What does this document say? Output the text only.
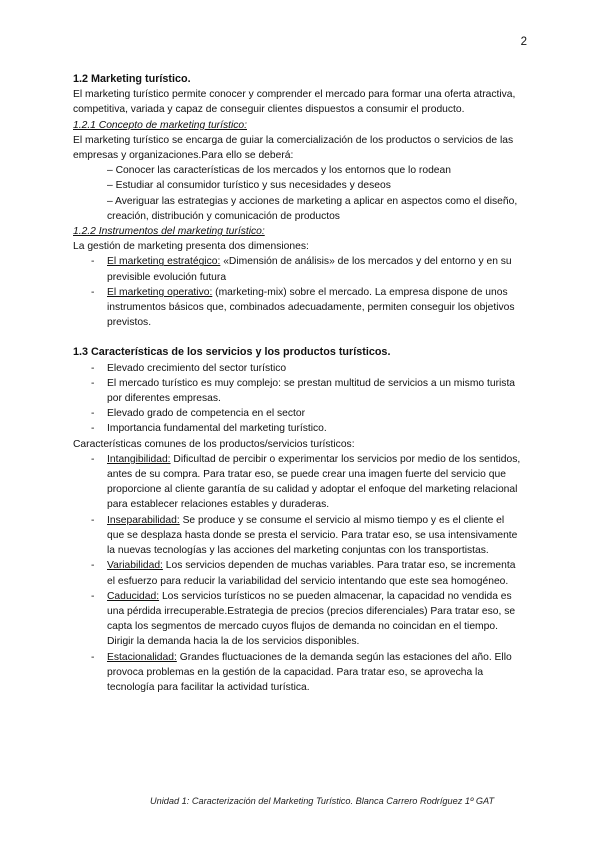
2
1.2 Marketing turístico.

El marketing turístico permite conocer y comprender el mercado para formar una oferta atractiva, competitiva, variada y capaz de conseguir clientes dispuestos a consumir el producto.

1.2.1 Concepto de marketing turístico:

El marketing turístico se encarga de guiar la comercialización de los productos o servicios de las empresas y organizaciones.Para ello se deberá:

– Conocer las características de los mercados y los entornos que lo rodean
– Estudiar al consumidor turístico y sus necesidades y deseos
– Averiguar las estrategias y acciones de marketing a aplicar en aspectos como el diseño, creación, distribución y comunicación de productos
1.2.2 Instrumentos del marketing turístico:

La gestión de marketing presenta dos dimensiones:

- El marketing estratégico: «Dimensión de análisis» de los mercados y del entorno y en su previsible evolución futura
- El marketing operativo: (marketing-mix) sobre el mercado. La empresa dispone de unos instrumentos básicos que, combinados adecuadamente, permiten conseguir los objetivos previstos.
1.3 Características de los servicios y los productos turísticos.
- Elevado crecimiento del sector turístico
- El mercado turístico es muy complejo: se prestan multitud de servicios a un mismo turista por diferentes empresas.
- Elevado grado de competencia en el sector
- Importancia fundamental del marketing turístico.

Características comunes de los productos/servicios turísticos:

- Intangibilidad: Dificultad de percibir o experimentar los servicios por medio de los sentidos, antes de su compra. Para tratar eso, se puede crear una imagen fuerte del servicio que proporcione al cliente garantía de su calidad y adoptar el enfoque del marketing relacional para establecer relaciones estables y duraderas.
- Inseparabilidad: Se produce y se consume el servicio al mismo tiempo y es el cliente el que se desplaza hasta donde se presta el servicio. Para tratar eso, se usa intensivamente la nuevas tecnologías y las acciones del marketing conjuntas con los transportistas.
- Variabilidad: Los servicios dependen de muchas variables. Para tratar eso, se incrementa el esfuerzo para reducir la variabilidad del servicio intentando que este sea homogéneo.
- Caducidad: Los servicios turísticos no se pueden almacenar, la capacidad no vendida es una pérdida irrecuperable.Estrategia de precios (precios diferenciales) Para tratar eso, se capta los segmentos de mercado cuyos flujos de demanda no coincidan en el tiempo. Dirigir la demanda hacia la de los servicios disponibles.
- Estacionalidad: Grandes fluctuaciones de la demanda según las estaciones del año. Ello provoca problemas en la gestión de la capacidad. Para tratar eso, se aprovecha la tecnología para facilitar la actividad turística.
Unidad 1: Caracterización del Marketing Turístico. Blanca Carrero Rodríguez 1º GAT
